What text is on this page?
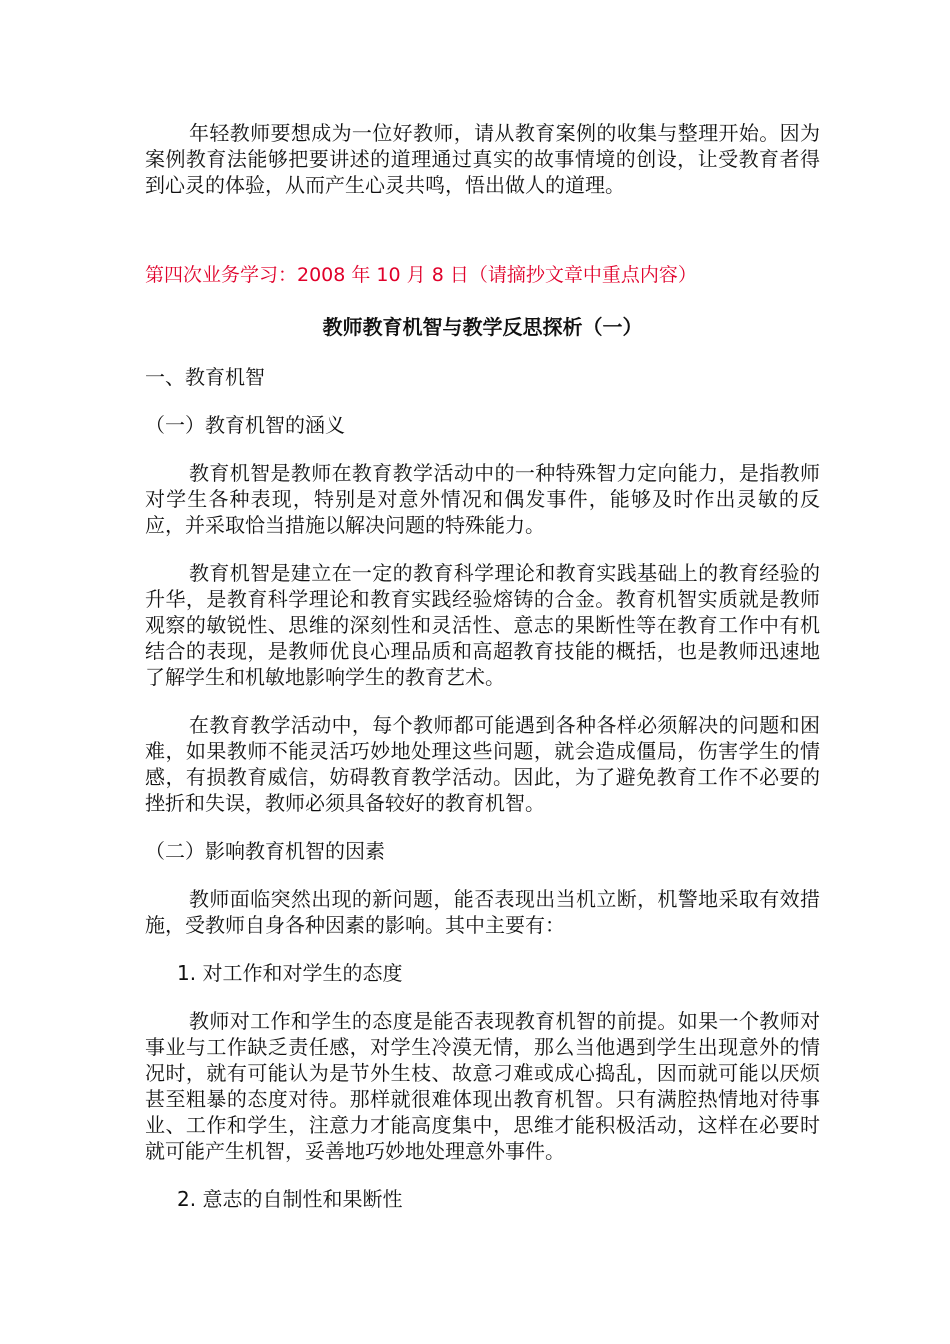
年轻教师要想成为一位好教师，请从教育案例的收集与整理开始。因为案例教育法能够把要讲述的道理通过真实的故事情境的创设，让受教育者得到心灵的体验，从而产生心灵共鸣，悟出做人的道理。

第四次业务学习：2008 年 10 月 8 日（请摘抄文章中重点内容）

教师教育机智与教学反思探析（一）

一、教育机智

（一）教育机智的涵义

教育机智是教师在教育教学活动中的一种特殊智力定向能力，是指教师对学生各种表现，特别是对意外情况和偶发事件，能够及时作出灵敏的反应，并采取恰当措施以解决问题的特殊能力。

教育机智是建立在一定的教育科学理论和教育实践基础上的教育经验的升华，是教育科学理论和教育实践经验熔铸的合金。教育机智实质就是教师观察的敏锐性、思维的深刻性和灵活性、意志的果断性等在教育工作中有机结合的表现，是教师优良心理品质和高超教育技能的概括，也是教师迅速地了解学生和机敏地影响学生的教育艺术。

在教育教学活动中，每个教师都可能遇到各种各样必须解决的问题和困难，如果教师不能灵活巧妙地处理这些问题，就会造成僵局，伤害学生的情感，有损教育威信，妨碍教育教学活动。因此，为了避免教育工作不必要的挫折和失误，教师必须具备较好的教育机智。

（二）影响教育机智的因素

教师面临突然出现的新问题，能否表现出当机立断，机警地采取有效措施，受教师自身各种因素的影响。其中主要有：

1. 对工作和对学生的态度

教师对工作和学生的态度是能否表现教育机智的前提。如果一个教师对事业与工作缺乏责任感，对学生冷漠无情，那么当他遇到学生出现意外的情况时，就有可能认为是节外生枝、故意刁难或成心捣乱，因而就可能以厌烦甚至粗暴的态度对待。那样就很难体现出教育机智。只有满腔热情地对待事业、工作和学生，注意力才能高度集中，思维才能积极活动，这样在必要时就可能产生机智，妥善地巧妙地处理意外事件。

2. 意志的自制性和果断性
